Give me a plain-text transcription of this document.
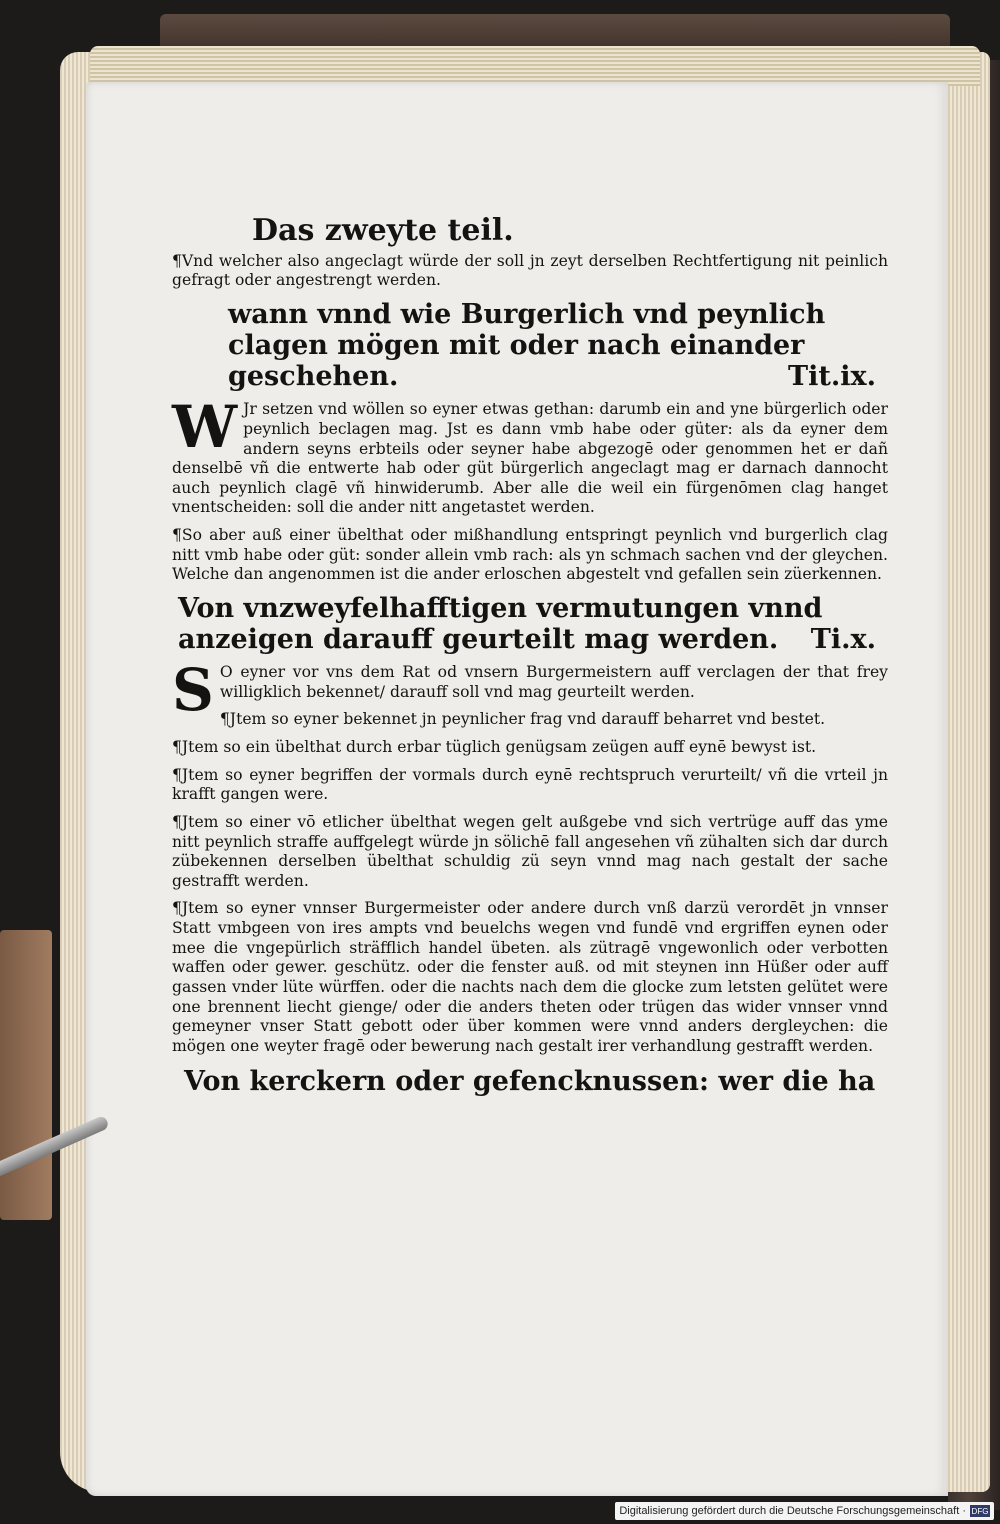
Das zweyte teil.

¶Vnd welcher also angeclagt würde der soll jn zeyt derselben Rechtfertigung nit peinlich gefragt oder angestrengt werden.

wann vnnd wie Burgerlich vnd peynlich clagen mögen mit oder nach einander geschehen.	Tit.ix.

W Jr setzen vnd wöllen so eyner etwas gethan: darumb ein and yne bürgerlich oder peynlich beclagen mag. Jst es dann vmb habe oder güter: als da eyner dem andern seyns erbteils oder seyner habe abgezogē oder genommen het er dañ denselbē vñ die entwerte hab oder güt bürgerlich angeclagt mag er darnach dannocht auch peynlich clagē vñ hinwiderumb. Aber alle die weil ein fürgenōmen clag hanget vnentscheiden: soll die ander nitt angetastet werden.

¶So aber auß einer übelthat oder mißhandlung entspringt peynlich vnd burgerlich clag nitt vmb habe oder güt: sonder allein vmb rach: als yn schmach sachen vnd der gleychen. Welche dan angenommen ist die ander erloschen abgestelt vnd gefallen sein züerkennen.

Von vnzweyfelhafftigen vermutungen vnnd anzeigen darauff geurteilt mag werden. Ti.x.

S O eyner vor vns dem Rat od vnsern Burgermeistern auff verclagen der that frey willigklich bekennet/ darauff soll vnd mag geurteilt werden.

¶Jtem so eyner bekennet jn peynlicher frag vnd darauff beharret vnd bestet.

¶Jtem so ein übelthat durch erbar tüglich genügsam zeügen auff eynē bewyst ist.

¶Jtem so eyner begriffen der vormals durch eynē rechtspruch verurteilt/ vñ die vrteil jn krafft gangen were.

¶Jtem so einer vō etlicher übelthat wegen gelt außgebe vnd sich vertrüge auff das yme nitt peynlich straffe auffgelegt würde jn sölichē fall angesehen vñ zühalten sich dar durch zübekennen derselben übelthat schuldig zü seyn vnnd mag nach gestalt der sache gestrafft werden.

¶Jtem so eyner vnnser Burgermeister oder andere durch vnß darzü verordēt jn vnnser Statt vmbgeen von ires ampts vnd beuelchs wegen vnd fundē vnd ergriffen eynen oder mee die vngepürlich sträfflich handel übeten. als zütragē vngewonlich oder verbotten waffen oder gewer. geschütz. oder die fenster auß. od mit steynen inn Hüßer oder auff gassen vnder lüte würffen. oder die nachts nach dem die glocke zum letsten gelütet were one brennent liecht gienge/ oder die anders theten oder trügen das wider vnnser vnnd gemeyner vnser Statt gebott oder über kommen were vnnd anders dergleychen: die mögen one weyter fragē oder bewerung nach gestalt irer verhandlung gestrafft werden.

Von kerckern oder gefencknussen: wer die ha

Digitalisierung gefördert durch die Deutsche Forschungsgemeinschaft · DFG
